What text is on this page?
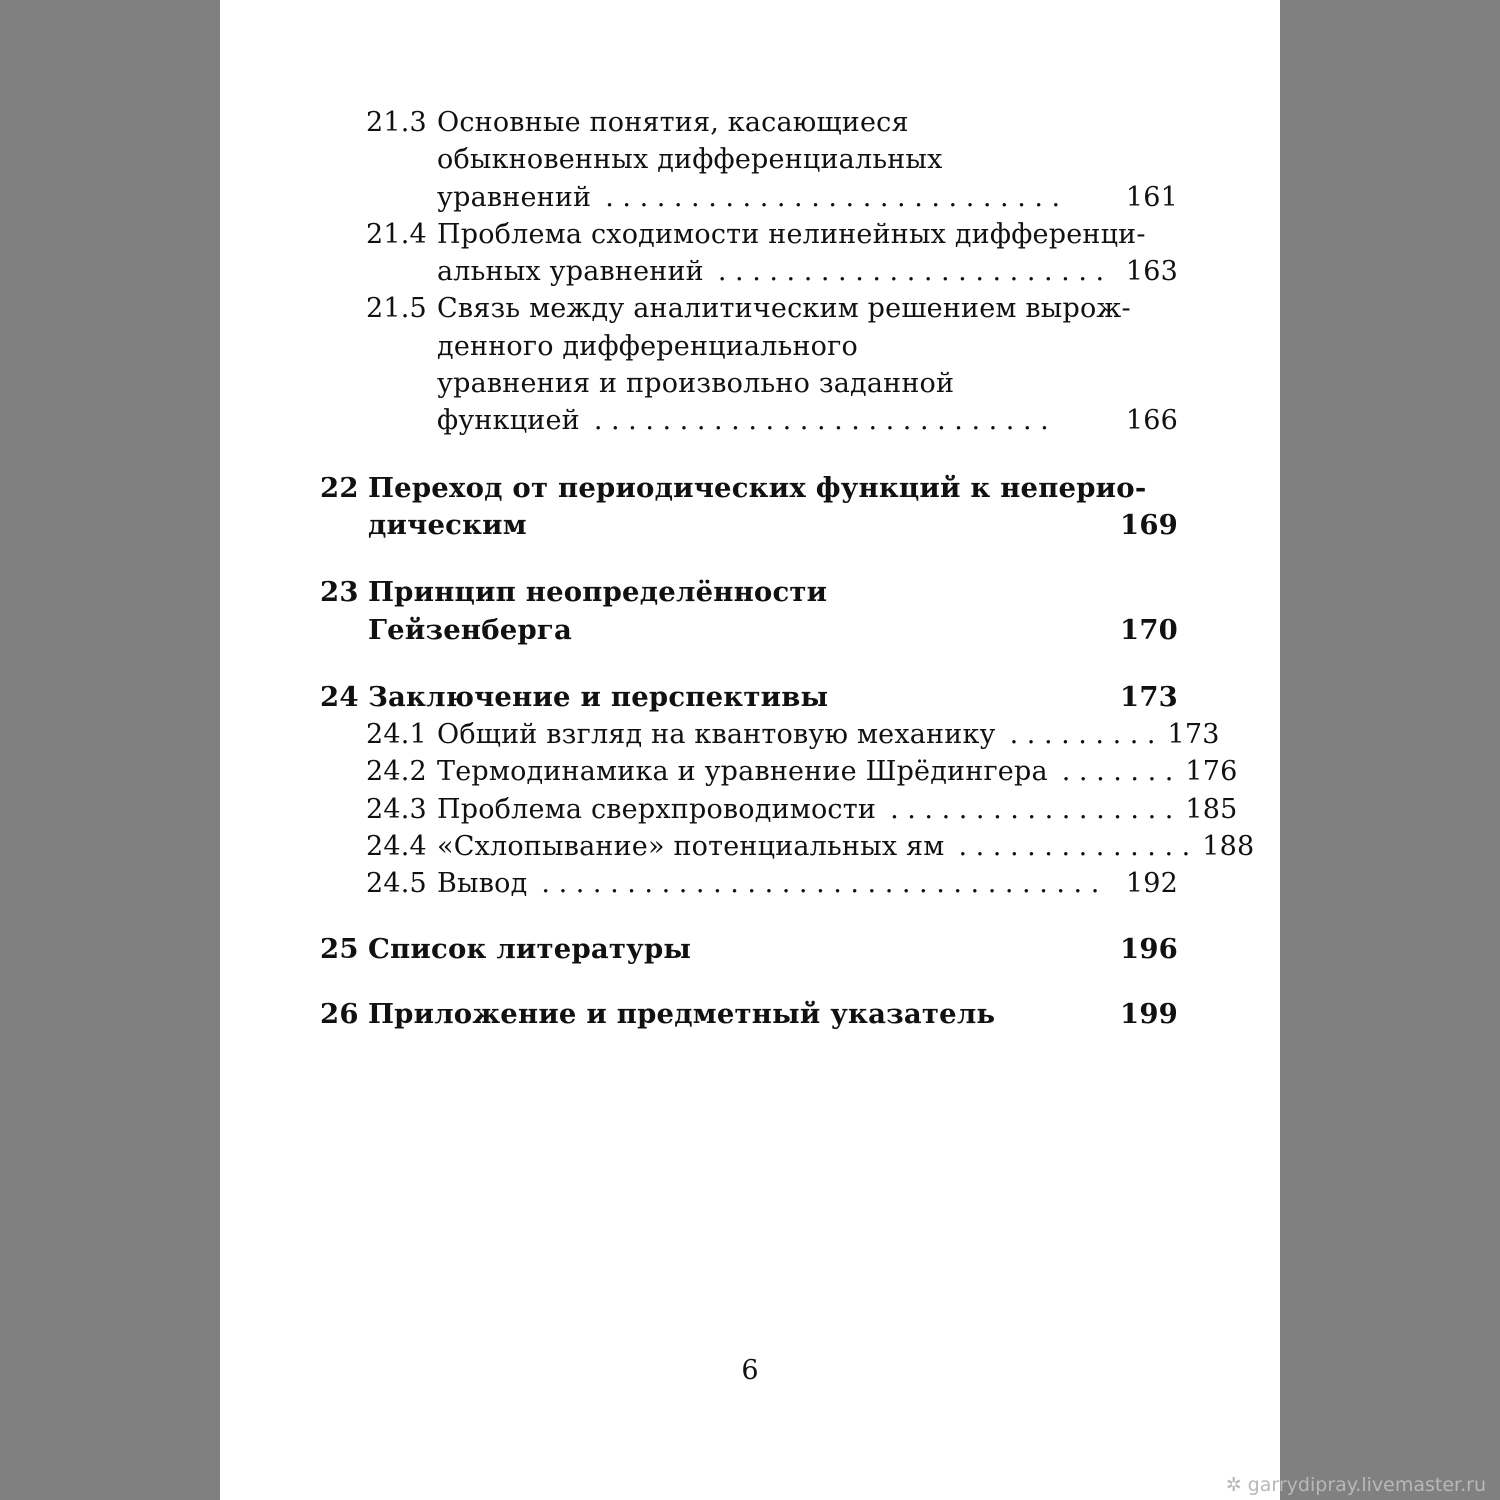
21.3 Основные понятия, касающиеся
обыкновенных дифференциальных
уравнений . . . . . . . . . . . . . . . . . . . . . . . . . . .	161
21.4 Проблема сходимости нелинейных дифференци-
альных уравнений . . . . . . . . . . . . . . . . . . . . . . . 163
21.5 Связь между аналитическим решением вырож-
денного дифференциального
уравнения и произвольно заданной
функцией . . . . . . . . . . . . . . . . . . . . . . . . . . .	166
22 Переход от периодических функций к неперио-
дическим	169
23 Принцип неопределённости
Гейзенберга	170
24 Заключение и перспективы	173
24.1 Общий взгляд на квантовую механику . . . . . . . . . 173
24.2 Термодинамика и уравнение Шрёдингера . . . . . . . 176
24.3 Проблема сверхпроводимости . . . . . . . . . . . . . . . . . 185
24.4 «Схлопывание» потенциальных ям . . . . . . . . . . . . . . 188
24.5 Вывод . . . . . . . . . . . . . . . . . . . . . . . . . . . . . . . . . 192
25 Список литературы	196
26 Приложение и предметный указатель	199
6
✲ garrydipray.livemaster.ru
